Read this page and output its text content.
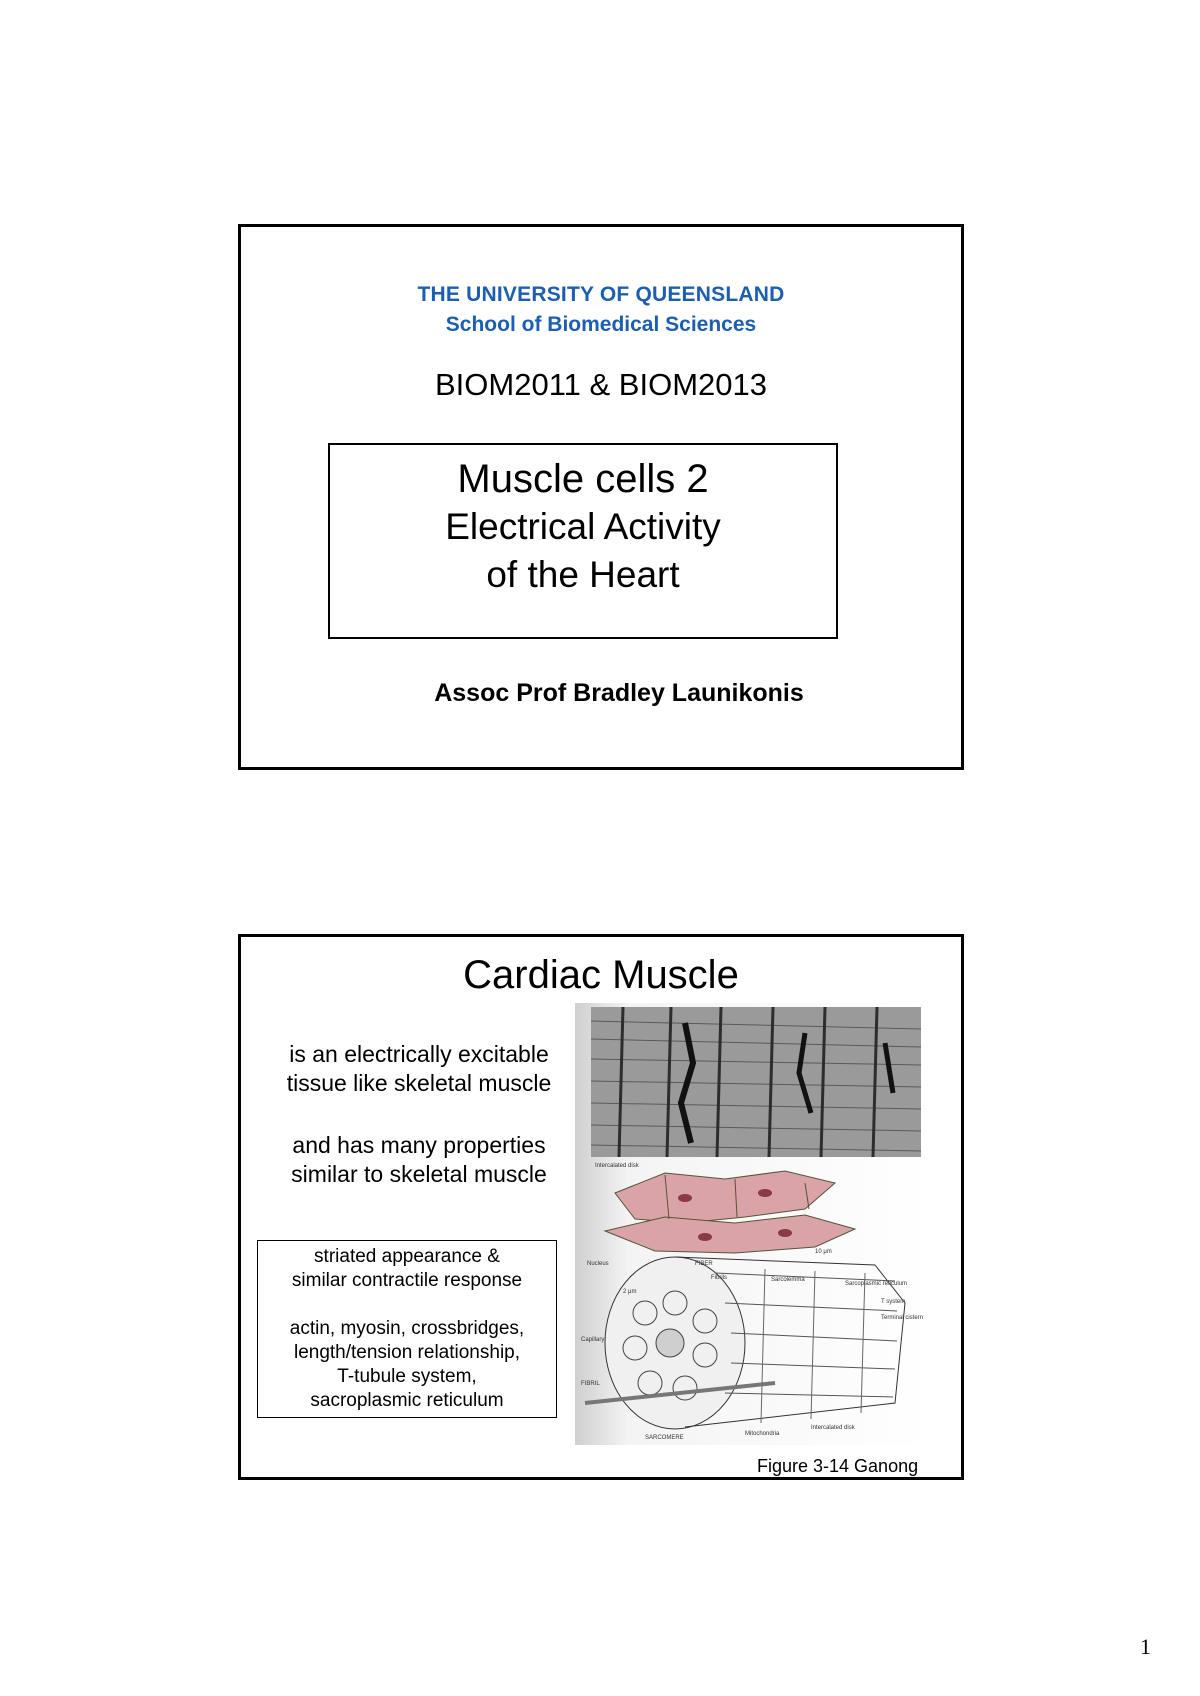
THE UNIVERSITY OF QUEENSLAND
School of Biomedical Sciences
BIOM2011 & BIOM2013
Muscle cells 2
Electrical Activity
of the Heart
Assoc Prof Bradley Launikonis
Cardiac Muscle
is an electrically excitable
tissue like skeletal muscle
and has many properties
similar to skeletal muscle
striated appearance &
similar contractile response
actin, myosin, crossbridges,
length/tension relationship,
T-tubule system,
sacroplasmic reticulum
Intercalated disk
Nucleus	FIBER
10 μm
2 μm
Fibrils	Sarcolemma
Sarcoplasmic reticulum
T system
Terminal cistern
Capillary
FIBRIL
SARCOMERE
Mitochondria
Intercalated disk
Figure 3-14 Ganong
1
